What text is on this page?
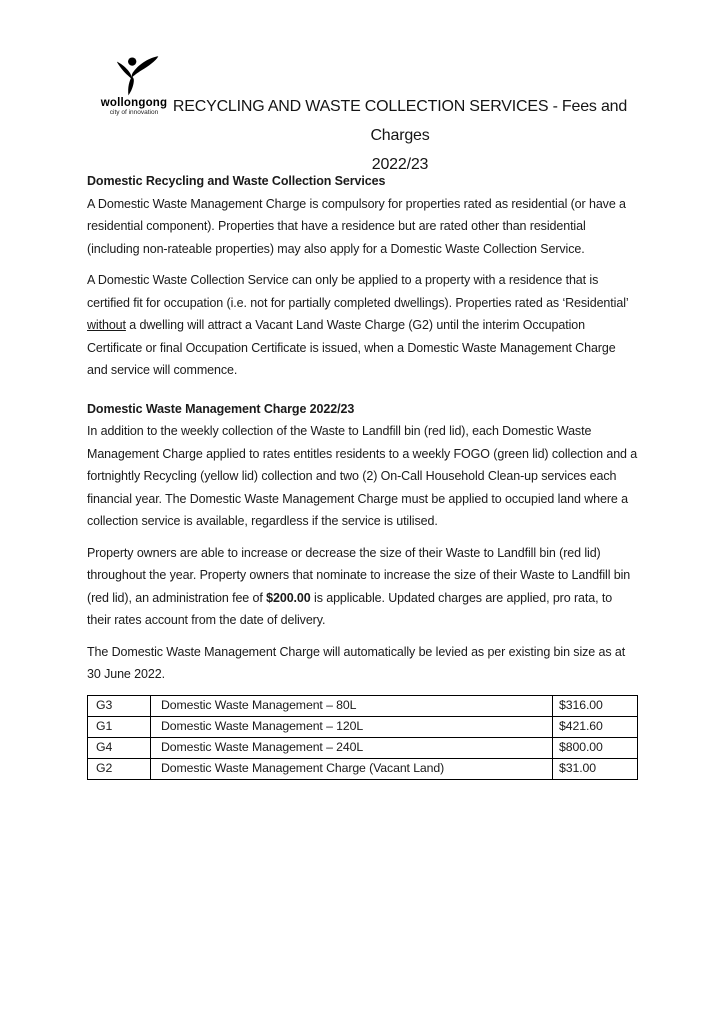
wollongong
city of innovation RECYCLING AND WASTE COLLECTION SERVICES - Fees and Charges
2022/23
Domestic Recycling and Waste Collection Services

A Domestic Waste Management Charge is compulsory for properties rated as residential (or have a residential component). Properties that have a residence but are rated other than residential (including non-rateable properties) may also apply for a Domestic Waste Collection Service.

A Domestic Waste Collection Service can only be applied to a property with a residence that is certified fit for occupation (i.e. not for partially completed dwellings). Properties rated as ‘Residential’ without a dwelling will attract a Vacant Land Waste Charge (G2) until the interim Occupation Certificate or final Occupation Certificate is issued, when a Domestic Waste Management Charge and service will commence.

Domestic Waste Management Charge 2022/23

In addition to the weekly collection of the Waste to Landfill bin (red lid), each Domestic Waste Management Charge applied to rates entitles residents to a weekly FOGO (green lid) collection and a fortnightly Recycling (yellow lid) collection and two (2) On-Call Household Clean-up services each financial year. The Domestic Waste Management Charge must be applied to occupied land where a collection service is available, regardless if the service is utilised.

Property owners are able to increase or decrease the size of their Waste to Landfill bin (red lid) throughout the year. Property owners that nominate to increase the size of their Waste to Landfill bin (red lid), an administration fee of $200.00 is applicable. Updated charges are applied, pro rata, to their rates account from the date of delivery.

The Domestic Waste Management Charge will automatically be levied as per existing bin size as at 30 June 2022.

G3	Domestic Waste Management – 80L	$316.00
G1	Domestic Waste Management – 120L	$421.60
G4	Domestic Waste Management – 240L	$800.00
G2	Domestic Waste Management Charge (Vacant Land)	$31.00
